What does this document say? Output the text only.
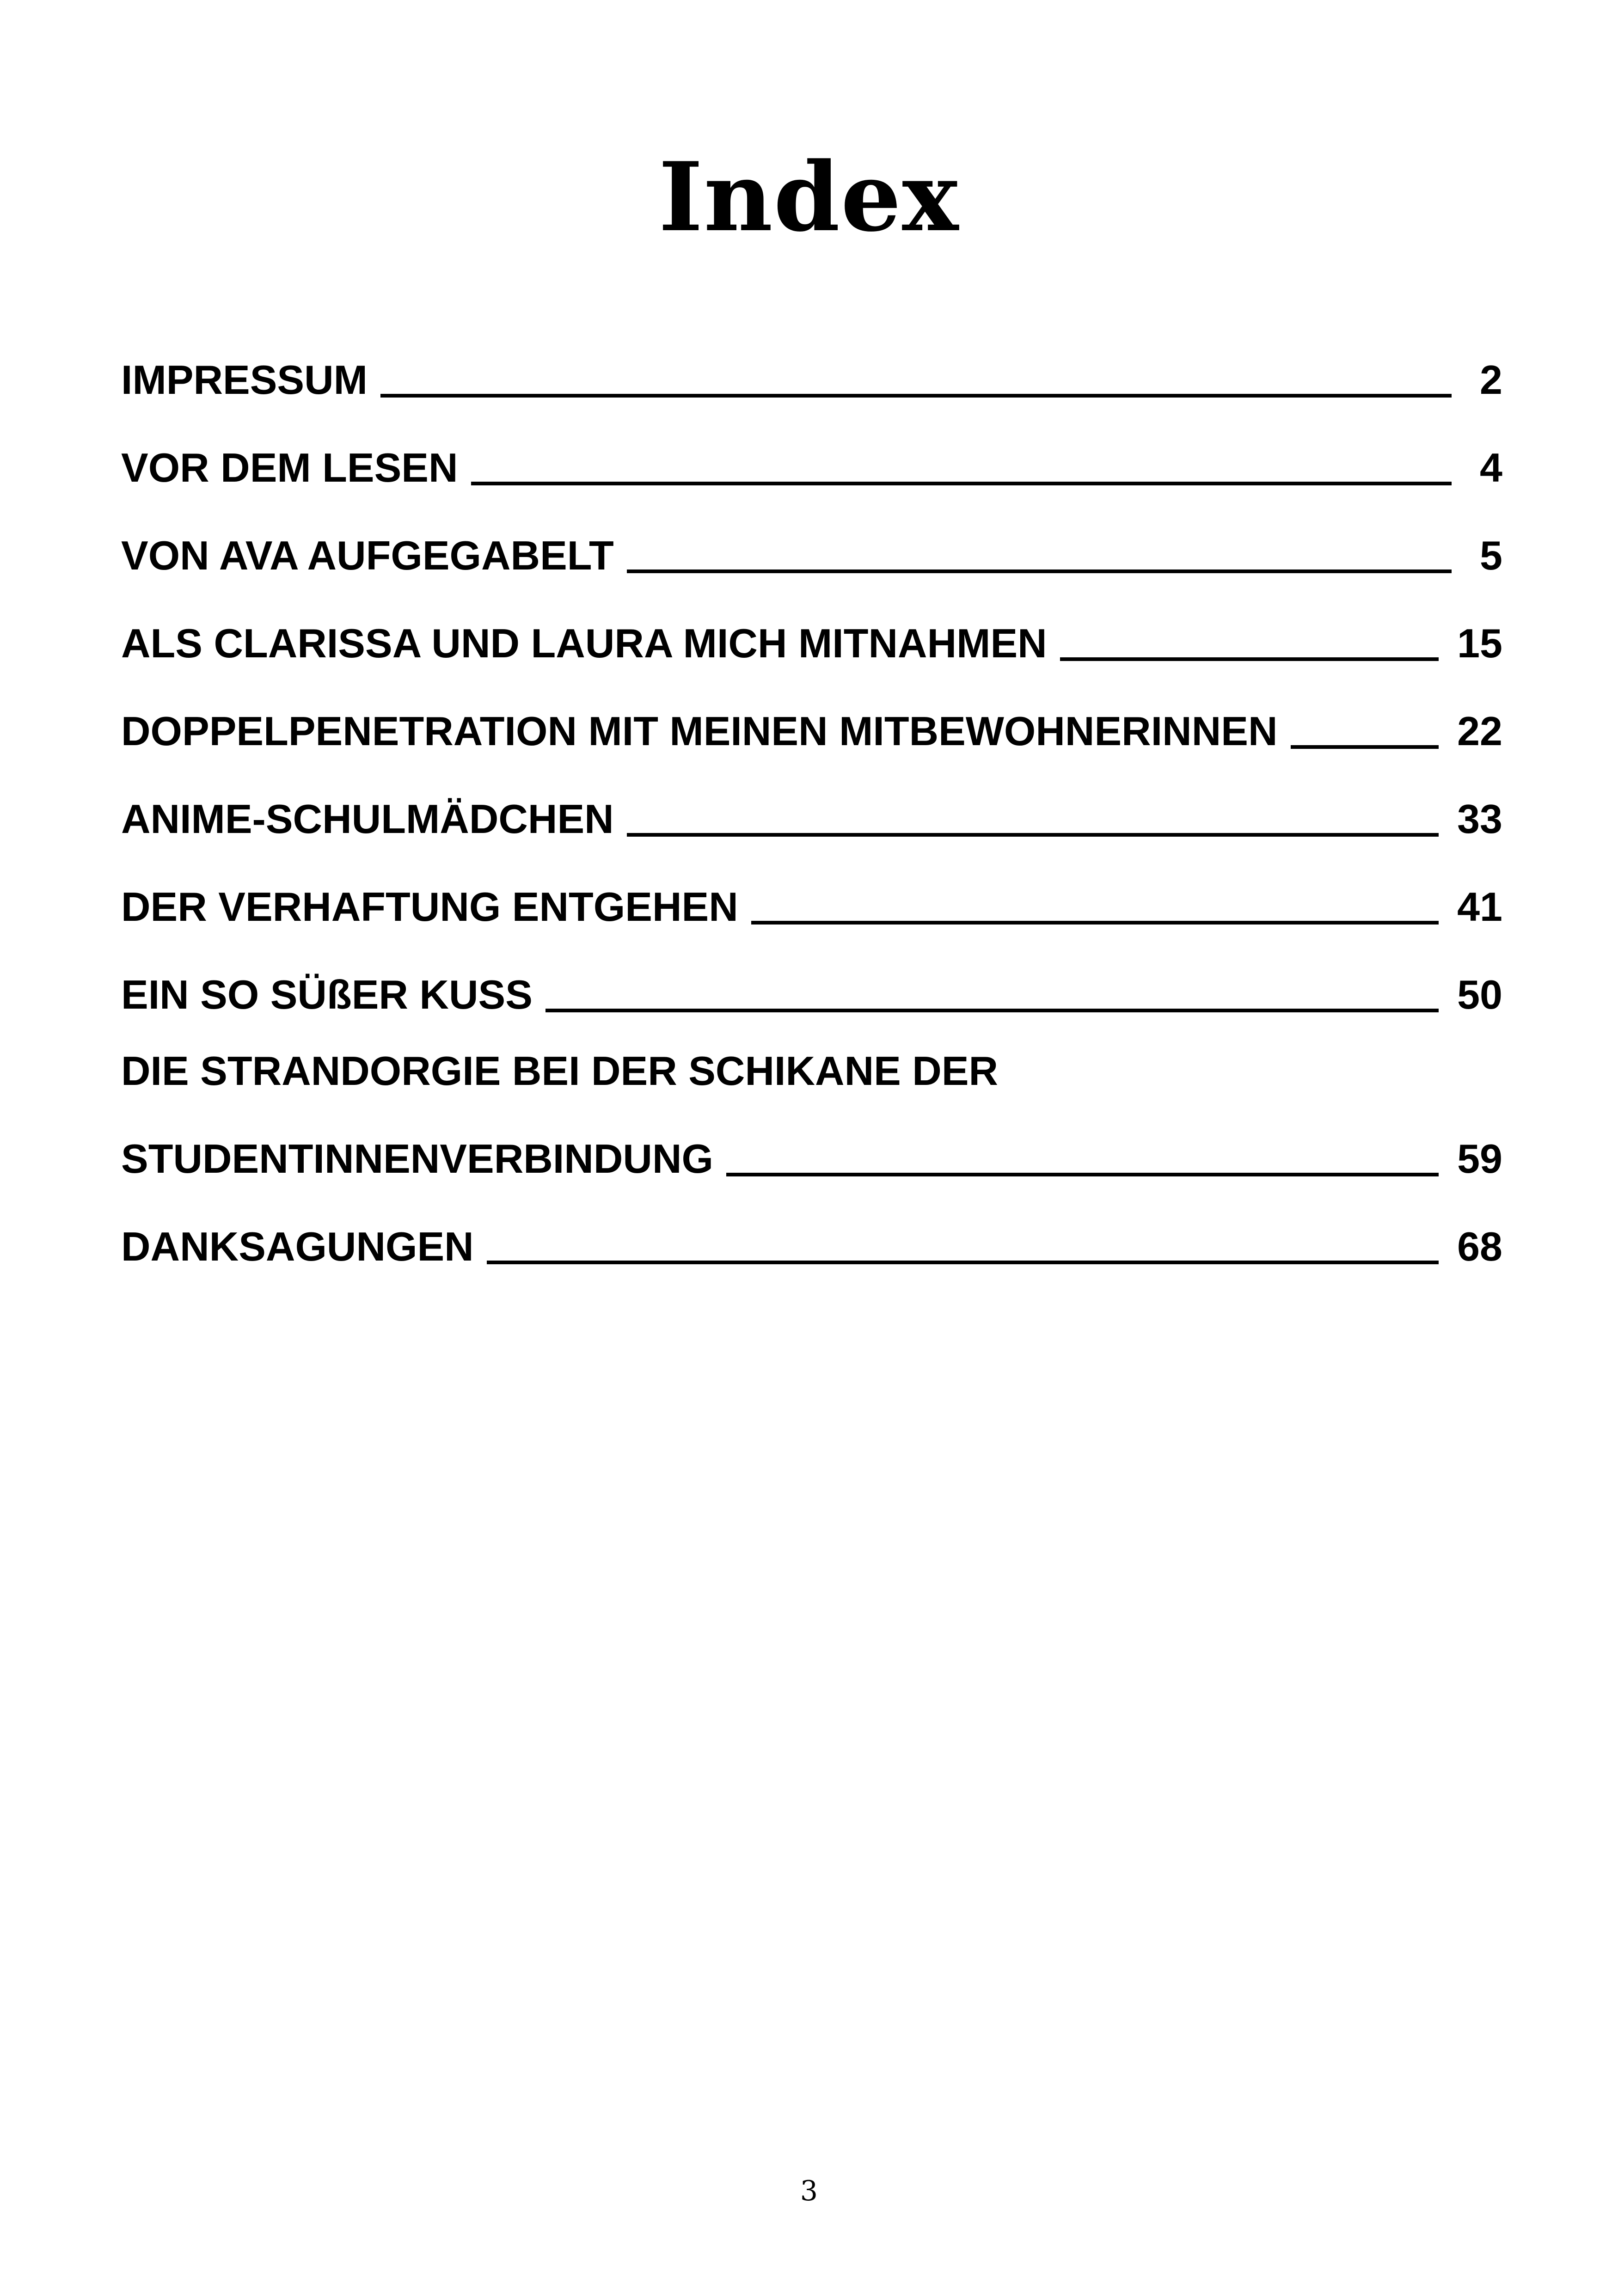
Index
IMPRESSUM	2
VOR DEM LESEN	4
VON AVA AUFGEGABELT	5
ALS CLARISSA UND LAURA MICH MITNAHMEN	15
DOPPELPENETRATION MIT MEINEN MITBEWOHNERINNEN	22
ANIME-SCHULMÄDCHEN	33
DER VERHAFTUNG ENTGEHEN	41
EIN SO SÜßER KUSS	50
DIE STRANDORGIE BEI DER SCHIKANE DER
STUDENTINNENVERBINDUNG	59
DANKSAGUNGEN	68
3
